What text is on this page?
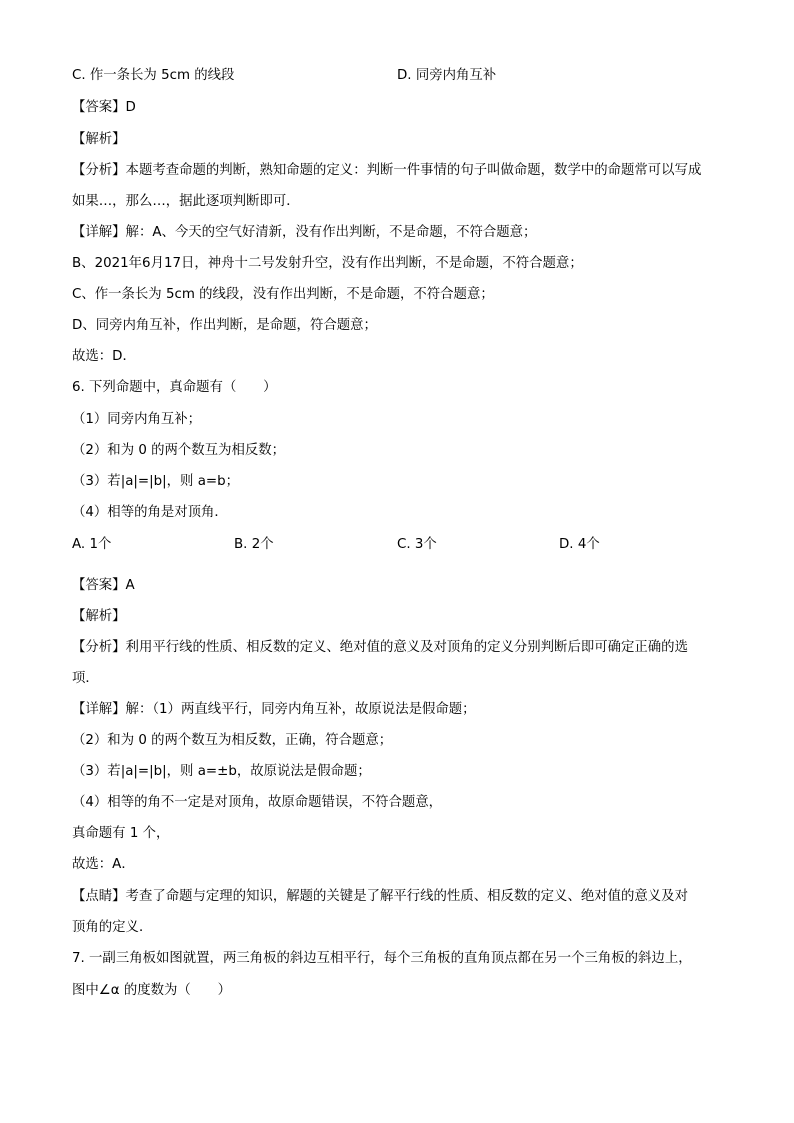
C. 作一条长为 5cm 的线段	D. 同旁内角互补
【答案】D
【解析】
【分析】本题考查命题的判断，熟知命题的定义：判断一件事情的句子叫做命题，数学中的命题常可以写成
如果…，那么…，据此逐项判断即可．
【详解】解：A、今天的空气好清新，没有作出判断，不是命题，不符合题意；
B、2021年6月17日，神舟十二号发射升空，没有作出判断，不是命题，不符合题意；
C、作一条长为 5cm 的线段，没有作出判断，不是命题，不符合题意；
D、同旁内角互补，作出判断，是命题，符合题意；
故选：D．
6. 下列命题中，真命题有（　　）
（1）同旁内角互补；
（2）和为 0 的两个数互为相反数；
（3）若|a|=|b|，则 a=b；
（4）相等的角是对顶角．
A. 1个	B. 2个	C. 3个	D. 4个
【答案】A
【解析】
【分析】利用平行线的性质、相反数的定义、绝对值的意义及对顶角的定义分别判断后即可确定正确的选
项．
【详解】解：（1）两直线平行，同旁内角互补，故原说法是假命题；
（2）和为 0 的两个数互为相反数，正确，符合题意；
（3）若|a|=|b|，则 a=±b，故原说法是假命题；
（4）相等的角不一定是对顶角，故原命题错误，不符合题意，
真命题有 1 个，
故选：A．
【点睛】考查了命题与定理的知识，解题的关键是了解平行线的性质、相反数的定义、绝对值的意义及对
顶角的定义．
7. 一副三角板如图就置，两三角板的斜边互相平行，每个三角板的直角顶点都在另一个三角板的斜边上，
图中∠α 的度数为（　　）
